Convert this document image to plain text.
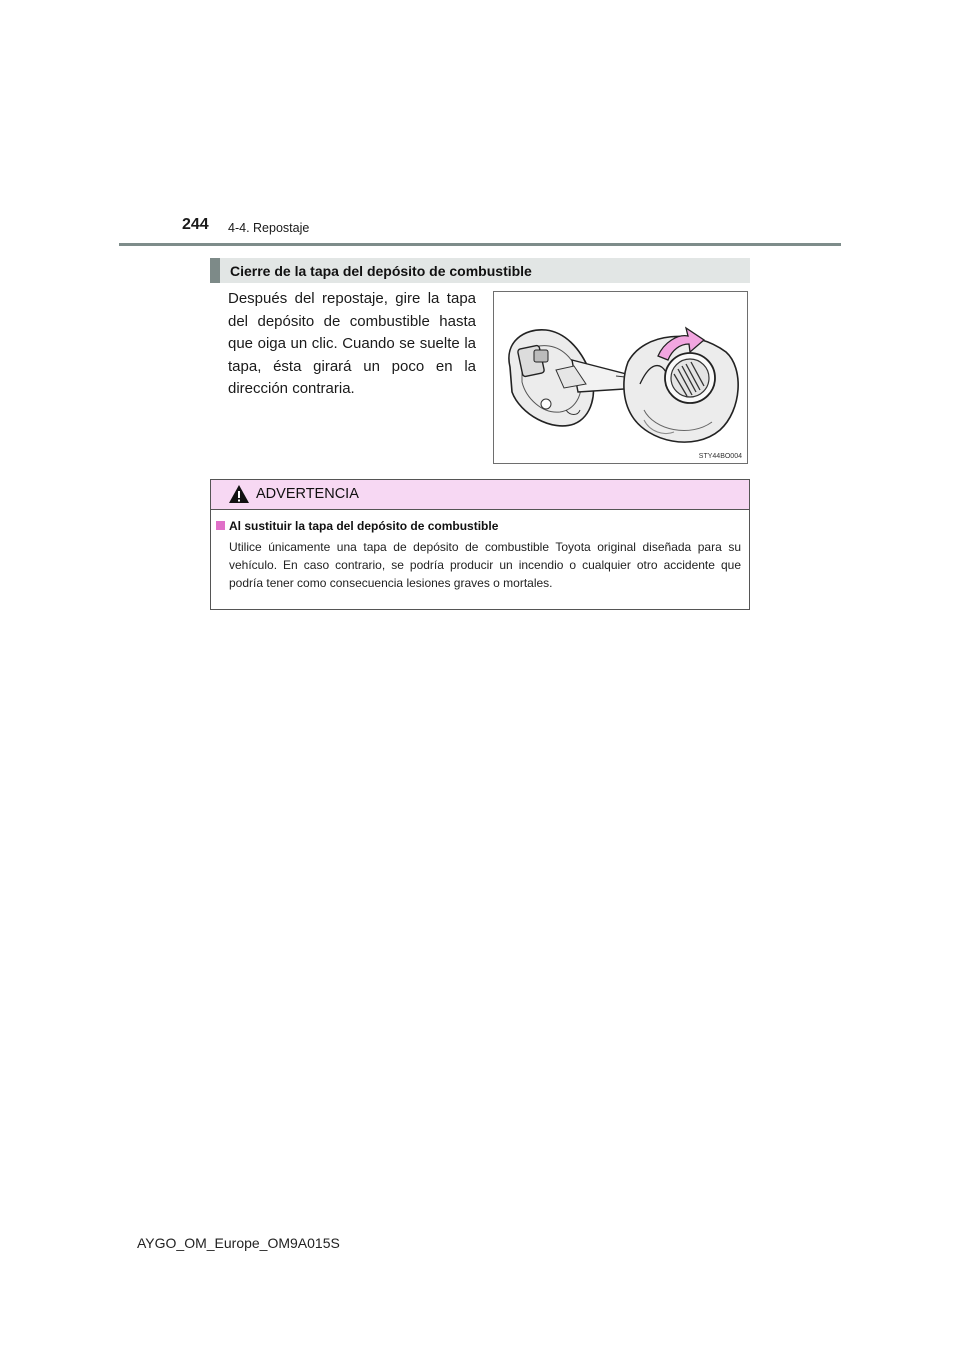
244 4-4. Repostaje
Cierre de la tapa del depósito de combustible
Después del repostaje, gire la tapa del depósito de combustible hasta que oiga un clic. Cuando se suelte la tapa, ésta girará un poco en la dirección contraria.
STY44BO004
ADVERTENCIA
Al sustituir la tapa del depósito de combustible
Utilice únicamente una tapa de depósito de combustible Toyota original diseñada para su vehículo. En caso contrario, se podría producir un incendio o cualquier otro accidente que podría tener como consecuencia lesiones graves o mortales.
AYGO_OM_Europe_OM9A015S
